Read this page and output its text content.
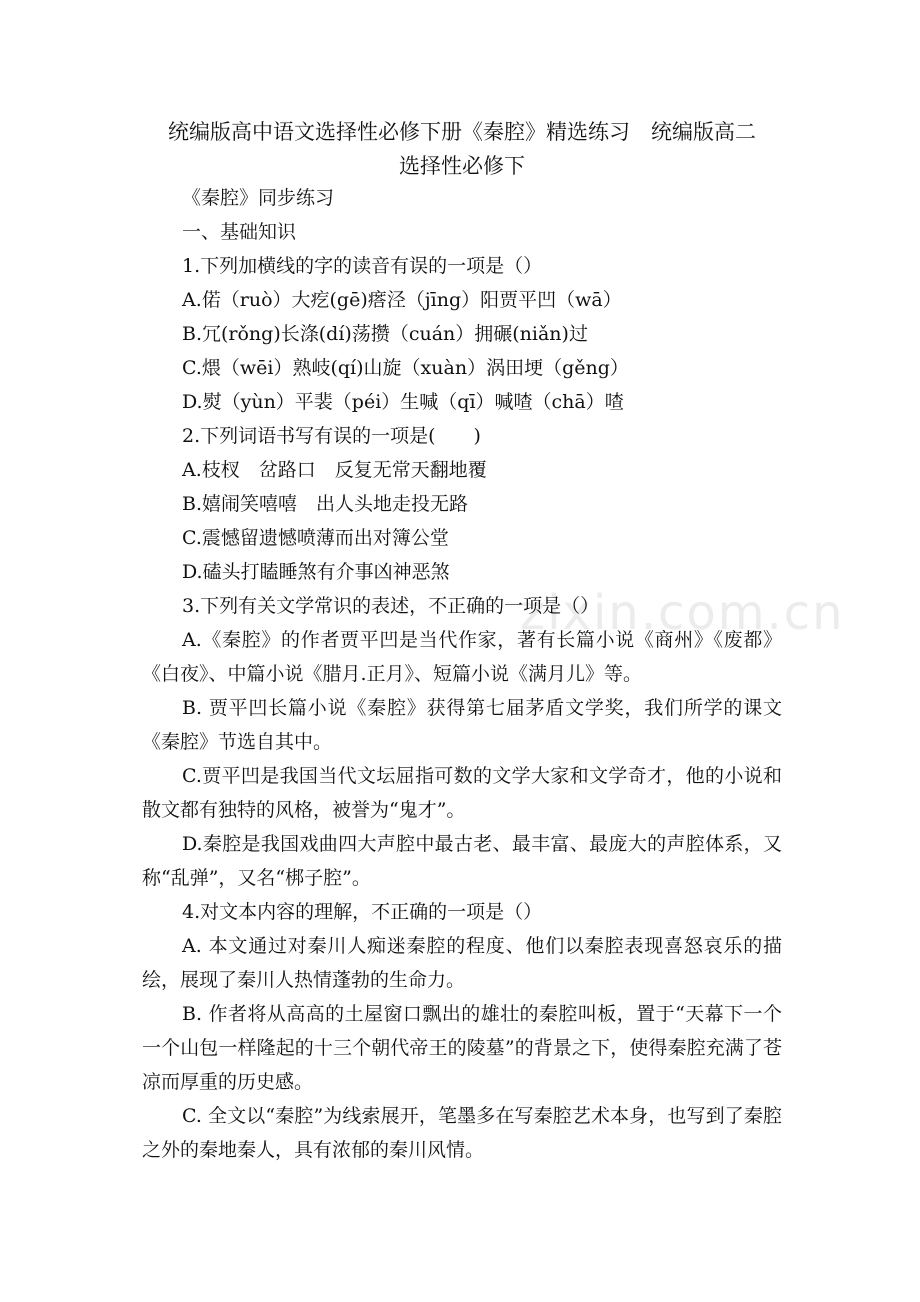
zixin.com.cn
统编版高中语文选择性必修下册《秦腔》精选练习　统编版高二
选择性必修下
《秦腔》同步练习
一、基础知识
1.下列加横线的字的读音有误的一项是（）
A.偌（ruò）大疙(gē)瘩泾（jīng）阳贾平凹（wā）
B.冗(rǒng)长涤(dí)荡攒（cuán）拥碾(niǎn)过
C.煨（wēi）熟岐(qí)山旋（xuàn）涡田埂（gěng）
D.熨（yùn）平裴（péi）生喊（qī）喊喳（chā）喳
2.下列词语书写有误的一项是(　　)
A.枝杈　岔路口　反复无常天翻地覆
B.嬉闹笑嘻嘻　出人头地走投无路
C.震憾留遗憾喷薄而出对簿公堂
D.磕头打瞌睡煞有介事凶神恶煞
3.下列有关文学常识的表述，不正确的一项是（）
A.《秦腔》的作者贾平凹是当代作家，著有长篇小说《商州》《废都》《白夜》、中篇小说《腊月.正月》、短篇小说《满月儿》等。
B. 贾平凹长篇小说《秦腔》获得第七届茅盾文学奖，我们所学的课文《秦腔》节选自其中。
C.贾平凹是我国当代文坛屈指可数的文学大家和文学奇才，他的小说和散文都有独特的风格，被誉为“鬼才”。
D.秦腔是我国戏曲四大声腔中最古老、最丰富、最庞大的声腔体系，又称“乱弹”，又名“梆子腔”。
4.对文本内容的理解，不正确的一项是（）
A. 本文通过对秦川人痴迷秦腔的程度、他们以秦腔表现喜怒哀乐的描绘，展现了秦川人热情蓬勃的生命力。
B. 作者将从高高的土屋窗口飘出的雄壮的秦腔叫板，置于“天幕下一个一个山包一样隆起的十三个朝代帝王的陵墓”的背景之下，使得秦腔充满了苍凉而厚重的历史感。
C. 全文以“秦腔”为线索展开，笔墨多在写秦腔艺术本身，也写到了秦腔之外的秦地秦人，具有浓郁的秦川风情。
